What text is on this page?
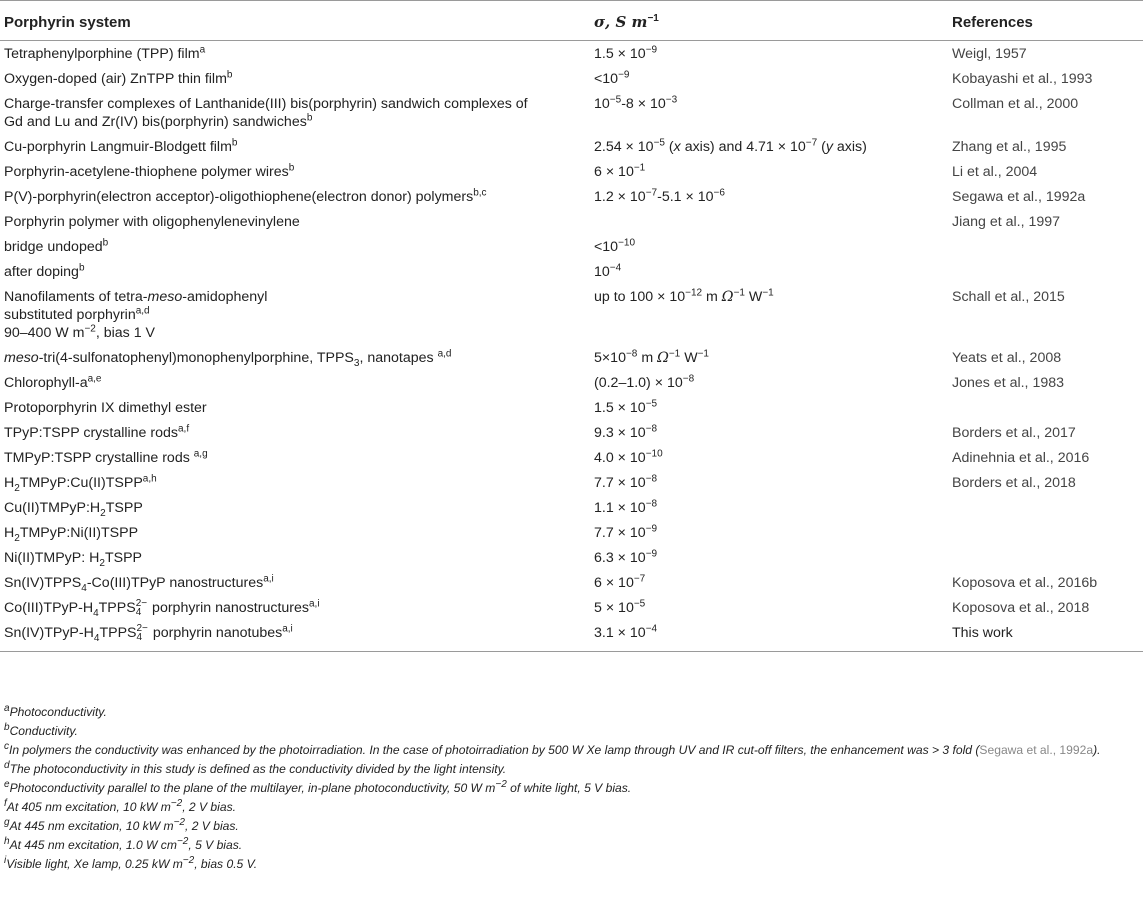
Porphyrin system	σ, S $m^{-1}$	References
Tetraphenylporphine (TPP) film$^a$	$1.5 \times 10^{-9}$	Weigl, 1957
Oxygen-doped (air) ZnTPP thin film$^b$	$<10^{-9}$	Kobayashi et al., 1993
Charge-transfer complexes of Lanthanide(III) bis(porphyrin) sandwich complexes of
Gd and Lu and Zr(IV) bis(porphyrin) sandwiches$^b$	$10^{-5}-8 \times 10^{-3}$	Collman et al., 2000
Cu-porphyrin Langmuir-Blodgett film$^b$	$2.54 \times 10^{-5}$ (x axis) and $4.71 \times 10^{-7}$ (y axis)	Zhang et al., 1995
Porphyrin-acetylene-thiophene polymer wires$^b$	$6 \times 10^{-1}$	Li et al., 2004
P(V)-porphyrin(electron acceptor)-oligothiophene(electron donor) polymers$^{b,c}$	$1.2 \times 10^{-7}-5.1 \times 10^{-6}$	Segawa et al., 1992a
Porphyrin polymer with oligophenylenevinylene		Jiang et al., 1997
bridge undoped$^b$	$<10^{-10}$	
after doping$^b$	$10^{-4}$	
Nanofilaments of tetra-meso-amidophenyl
substituted porphyrin$^{a,d}$
90–400 W $m^{-2}$, bias 1 V	up to $100 \times 10^{-12}$ m $\Omega^{-1}$ $W^{-1}$	Schall et al., 2015
meso-tri(4-sulfonatophenyl)monophenylporphine, $TPPS_3$, nanotapes $^{a,d}$	$5\times 10^{-8}$ m $\Omega^{-1}$ $W^{-1}$	Yeats et al., 2008
Chlorophyll-$a^{a,e}$	$(0.2-1.0) \times 10^{-8}$	Jones et al., 1983
Protoporphyrin IX dimethyl ester	$1.5 \times 10^{-5}$	
TPyP:TSPP crystalline rods$^{a,f}$	$9.3 \times 10^{-8}$	Borders et al., 2017
TMPyP:TSPP crystalline rods $^{a,g}$	$4.0 \times 10^{-10}$	Adinehnia et al., 2016
$H_2TMPyP:Cu(II)TSPP^{a,h}$	$7.7 \times 10^{-8}$	Borders et al., 2018
$Cu(II)TMPyP:H_2TSPP$	$1.1 \times 10^{-8}$	
$H_2TMPyP:Ni(II)TSPP$	$7.7 \times 10^{-9}$	
Ni(II)TMPyP: $H_2TSPP$	$6.3 \times 10^{-9}$	
$Sn(IV)TPPS_4-Co(III)TPyP$ nanostructures$^{a,i}$	$6 \times 10^{-7}$	Koposova et al., 2016b
$Co(III)TPyP-H_4TPPS$ 2−
4 porphyrin nanostructures$^{a,i}$	$5 \times 10^{-5}$	Koposova et al., 2018
$Sn(IV)TPyP-H_4TPPS$ 2−
4 porphyrin nanotubes$^{a,i}$	$3.1 \times 10^{-4}$	This work
$^a$Photoconductivity.
$^b$Conductivity.
$^c$In polymers the conductivity was enhanced by the photoirradiation. In the case of photoirradiation by 500 W Xe lamp through UV and IR cut-off filters, the enhancement was > 3 fold (Segawa et al., 1992a).
$^d$The photoconductivity in this study is defined as the conductivity divided by the light intensity.
$^e$Photoconductivity parallel to the plane of the multilayer, in-plane photoconductivity, 50 W $m^{-2}$ of white light, 5 V bias.
$^f$At 405 nm excitation, 10 kW $m^{-2}$, 2 V bias.
$^g$At 445 nm excitation, 10 kW $m^{-2}$, 2 V bias.
$^h$At 445 nm excitation, 1.0 W $cm^{-2}$, 5 V bias.
$^i$Visible light, Xe lamp, 0.25 kW $m^{-2}$, bias 0.5 V.
